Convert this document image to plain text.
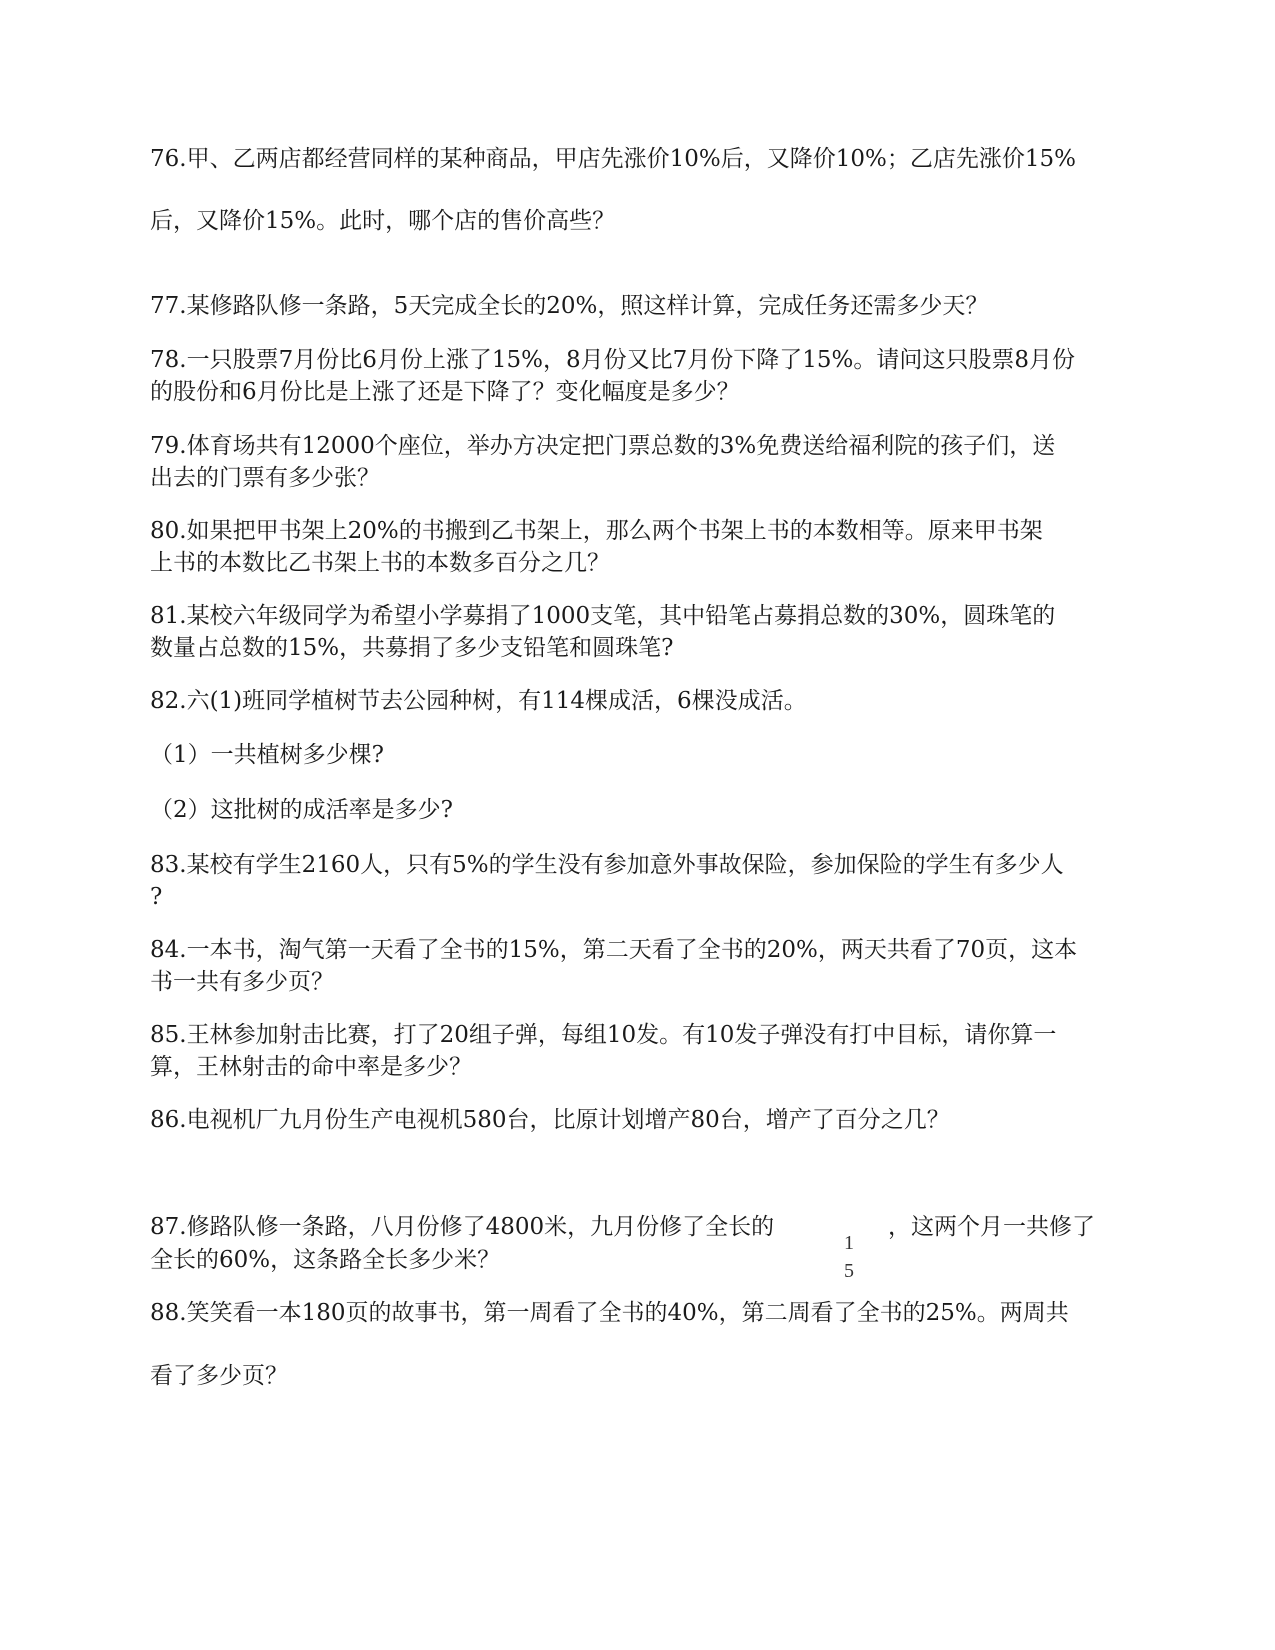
76.甲、乙两店都经营同样的某种商品，甲店先涨价10%后，又降价10%；乙店先涨价15%
后，又降价15%。此时，哪个店的售价高些？
77.某修路队修一条路，5天完成全长的20%，照这样计算，完成任务还需多少天？
78.一只股票7月份比6月份上涨了15%，8月份又比7月份下降了15%。请问这只股票8月份
的股份和6月份比是上涨了还是下降了？变化幅度是多少？
79.体育场共有12000个座位，举办方决定把门票总数的3%免费送给福利院的孩子们，送
出去的门票有多少张？
80.如果把甲书架上20%的书搬到乙书架上，那么两个书架上书的本数相等。原来甲书架
上书的本数比乙书架上书的本数多百分之几？
81.某校六年级同学为希望小学募捐了1000支笔，其中铅笔占募捐总数的30%，圆珠笔的
数量占总数的15%，共募捐了多少支铅笔和圆珠笔?
82.六(1)班同学植树节去公园种树，有114棵成活，6棵没成活。
（1）一共植树多少棵?
（2）这批树的成活率是多少?
83.某校有学生2160人，只有5%的学生没有参加意外事故保险，参加保险的学生有多少人
?
84.一本书，淘气第一天看了全书的15%，第二天看了全书的20%，两天共看了70页，这本
书一共有多少页？
85.王林参加射击比赛，打了20组子弹，每组10发。有10发子弹没有打中目标，请你算一
算，王林射击的命中率是多少？
86.电视机厂九月份生产电视机580台，比原计划增产80台，增产了百分之几？
87.修路队修一条路，八月份修了4800米，九月份修了全长的
1
5
，这两个月一共修了
全长的60%，这条路全长多少米？
88.笑笑看一本180页的故事书，第一周看了全书的40%，第二周看了全书的25%。两周共
看了多少页？
